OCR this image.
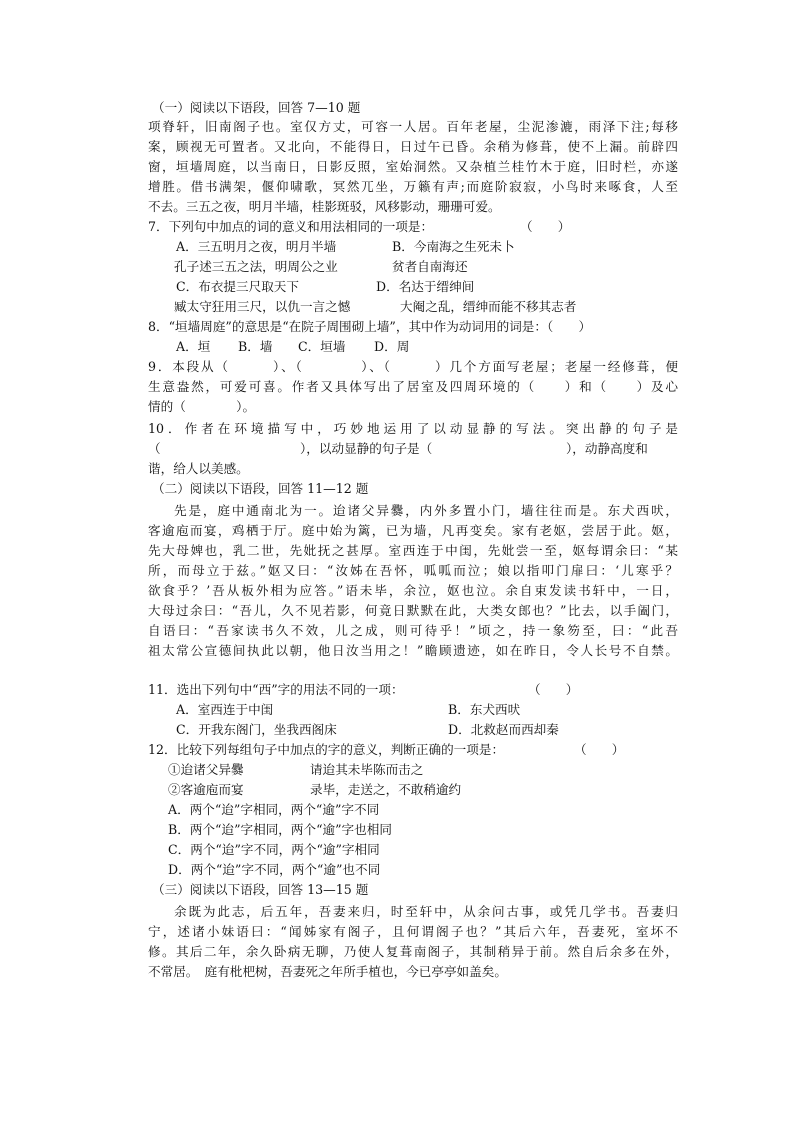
（一）阅读以下语段，回答 7—10 题
项脊轩，旧南阁子也。室仅方丈，可容一人居。百年老屋，尘泥渗漉，雨泽下注;每移
案，顾视无可置者。又北向，不能得日，日过午已昏。余稍为修葺，使不上漏。前辟四
窗，垣墙周庭，以当南日，日影反照，室始洞然。又杂植兰桂竹木于庭，旧时栏，亦遂
增胜。借书满架，偃仰啸歌，冥然兀坐，万籁有声;而庭阶寂寂，小鸟时来啄食，人至
不去。三五之夜，明月半墙，桂影斑驳，风移影动，珊珊可爱。
7．下列句中加点的词的意义和用法相同的一项是：	（　　）
A．三五明月之夜，明月半墙	B．今南海之生死未卜
孔子述三五之法，明周公之业	贫者自南海还
C．布衣提三尺取天下	D．名达于缙绅间
臧太守狂用三尺，以仇一言之憾	大阉之乱，缙绅而能不移其志者
8．“垣墙周庭”的意思是“在院子周围砌上墙”，其中作为动词用的词是：（　　）
A．垣 B．墙 C．垣墙 D．周
9．本段从（　　　）、（　　　　）、（　　　）几个方面写老屋；老屋一经修葺，便
生意盎然，可爱可喜。作者又具体写出了居室及四周环境的（　　）和（　　）及心
情的（　　　　）。
10．作者在环境描写中，巧妙地运用了以动显静的写法。突出静的句子是
（	），以动显静的句子是（	），动静高度和
谐，给人以美感。
（二）阅读以下语段，回答 11—12 题
先是，庭中通南北为一。迨诸父异爨，内外多置小门，墙往往而是。东犬西吠，
客逾庖而宴，鸡栖于厅。庭中始为篱，已为墙，凡再变矣。家有老妪，尝居于此。妪，
先大母婢也，乳二世，先妣抚之甚厚。室西连于中闺，先妣尝一至，妪每谓余曰：“某
所，而母立于兹。”妪又曰：“汝姊在吾怀，呱呱而泣；娘以指叩门扉曰：‘儿寒乎？
欲食乎？’吾从板外相为应答。”语未毕，余泣，妪也泣。余自束发读书轩中，一日，
大母过余曰：“吾儿，久不见若影，何竟日默默在此，大类女郎也？”比去，以手阖门，
自语曰：“吾家读书久不效，儿之成，则可待乎！”顷之，持一象笏至，曰：“此吾
祖太常公宣德间执此以朝，他日汝当用之！”瞻顾遗迹，如在昨日，令人长号不自禁。
11．选出下列句中“西”字的用法不同的一项：	（　　）
A．室西连于中闺	B．东犬西吠
C．开我东阁门，坐我西阁床	D．北救赵而西却秦
12．比较下列每组句子中加点的字的意义，判断正确的一项是：	（　　）
①迨诸父异爨	请迨其未毕陈而击之
②客逾庖而宴	录毕，走送之，不敢稍逾约
A．两个“迨”字相同，两个“逾”字不同
B．两个“迨”字相同，两个“逾”字也相同
C．两个“迨”字不同，两个“逾”字相同
D．两个“迨”字不同，两个“逾”也不同
（三）阅读以下语段，回答 13—15 题
余既为此志，后五年，吾妻来归，时至轩中，从余问古事，或凭几学书。吾妻归
宁，述诸小妹语曰：“闻姊家有阁子，且何谓阁子也？”其后六年，吾妻死，室坏不
修。其后二年，余久卧病无聊，乃使人复葺南阁子，其制稍异于前。然自后余多在外，
不常居。　庭有枇杷树，吾妻死之年所手植也，今已亭亭如盖矣。
